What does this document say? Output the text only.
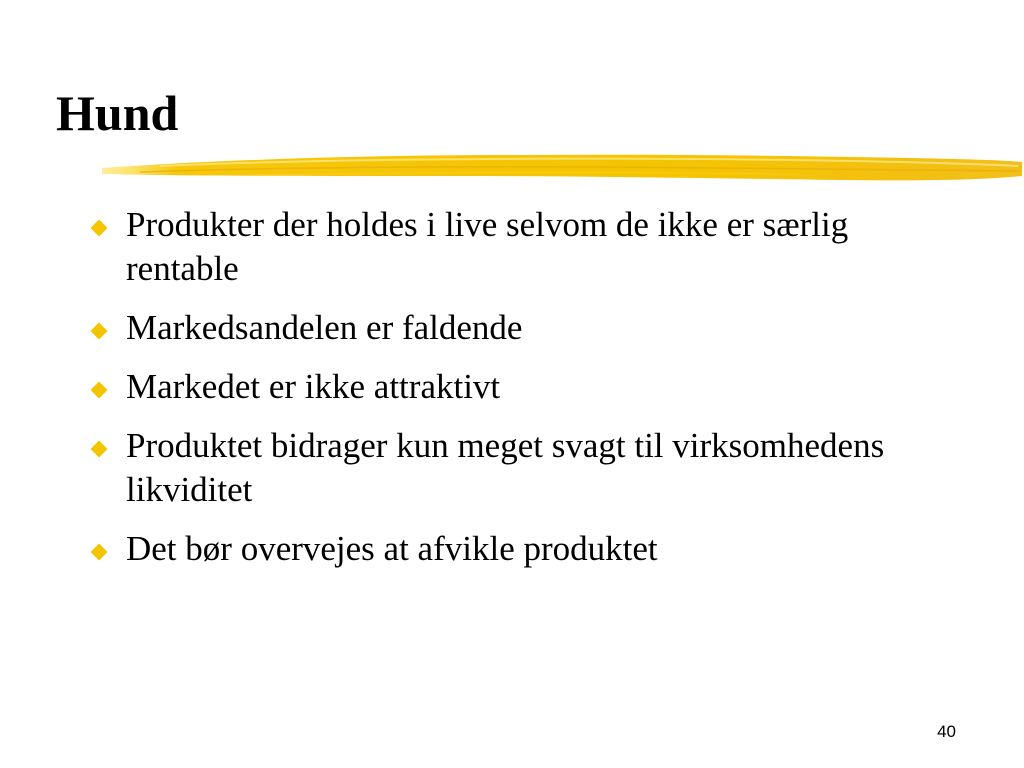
Hund
Produkter der holdes i live selvom de ikke er særlig rentable
Markedsandelen er faldende
Markedet er ikke attraktivt
Produktet bidrager kun meget svagt til virksomhedens likviditet
Det bør overvejes at afvikle produktet
40
